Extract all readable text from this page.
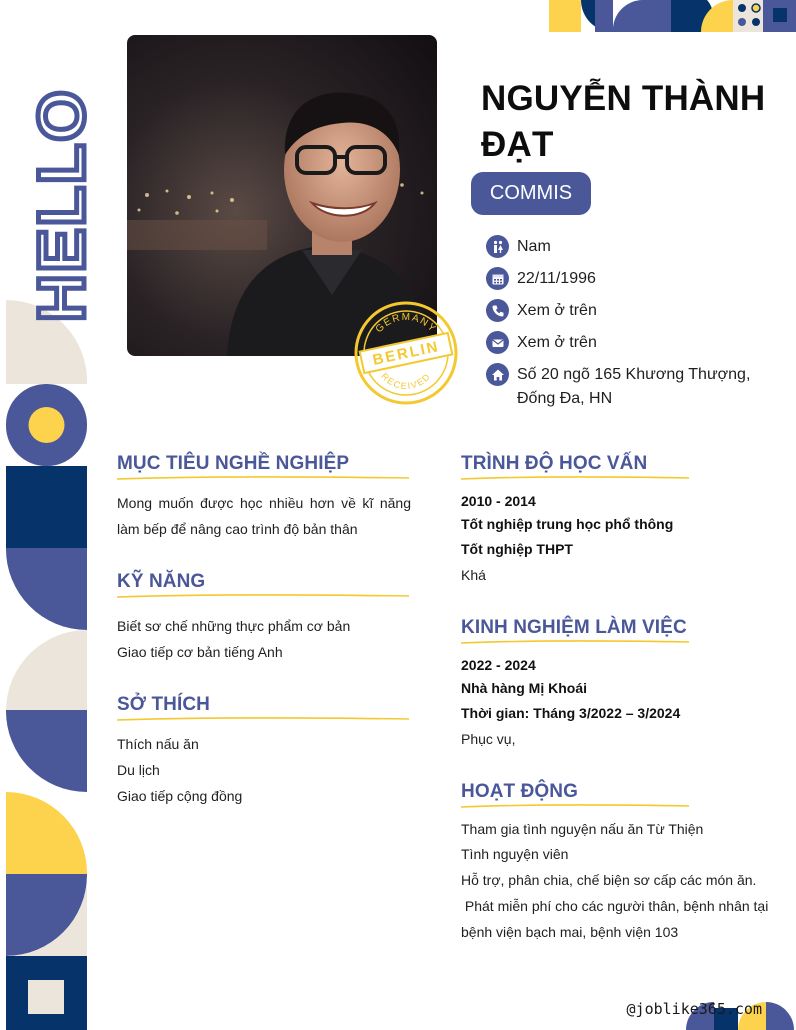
HELLO
GERMANY
BERLIN
RECEIVED
NGUYỄN THÀNH ĐẠT
COMMIS
Nam
22/11/1996
Xem ở trên
Xem ở trên
Số 20 ngõ 165 Khương Thượng, Đống Đa, HN
MỤC TIÊU NGHỀ NGHIỆP
Mong muốn được học nhiều hơn về kĩ năng làm bếp để nâng cao trình độ bản thân
KỸ NĂNG
Biết sơ chế những thực phẩm cơ bản
Giao tiếp cơ bản tiếng Anh
SỞ THÍCH
Thích nấu ăn
Du lịch
Giao tiếp cộng đồng
TRÌNH ĐỘ HỌC VẤN
2010 - 2014
Tốt nghiệp trung học phổ thông
Tốt nghiệp THPT
Khá
KINH NGHIỆM LÀM VIỆC
2022 - 2024
Nhà hàng Mị Khoái
Thời gian: Tháng 3/2022 – 3/2024
Phục vụ,
HOẠT ĐỘNG
Tham gia tình nguyện nấu ăn Từ Thiện
Tình nguyện viên
Hỗ trợ, phân chia, chế biện sơ cấp các món ăn.
Phát miễn phí cho các người thân, bệnh nhân tại bệnh viện bạch mai, bệnh viện 103
@joblike365.com
